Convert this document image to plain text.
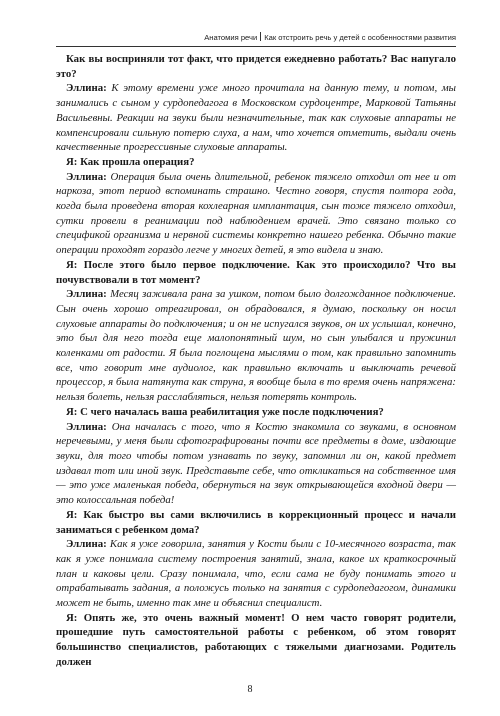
Анатомия речи Как отстроить речь у детей с особенностями развития

Как вы восприняли тот факт, что придется ежедневно работать? Вас напугало это?

Эллина: К этому времени уже много прочитала на данную тему, и потом, мы занимались с сыном у сурдопедагога в Московском сурдоцентре, Марковой Татьяны Васильевны. Реакции на звуки были незначительные, так как слуховые аппараты не компенсировали сильную потерю слуха, а нам, что хочется отметить, выдали очень качественные прогрессивные слуховые аппараты.

Я: Как прошла операция?

Эллина: Операция была очень длительной, ребенок тяжело отходил от нее и от наркоза, этот период вспоминать страшно. Честно говоря, спустя полтора года, когда была проведена вторая кохлеарная имплантация, сын тоже тяжело отходил, сутки провели в реанимации под наблюдением врачей. Это связано только со спецификой организма и нервной системы конкретно нашего ребенка. Обычно такие операции проходят гораздо легче у многих детей, я это видела и знаю.

Я: После этого было первое подключение. Как это происходило? Что вы почувствовали в тот момент?

Эллина: Месяц заживала рана за ушком, потом было долгожданное подключение. Сын очень хорошо отреагировал, он обрадовался, я думаю, поскольку он носил слуховые аппараты до подключения; и он не испугался звуков, он их услышал, конечно, это был для него тогда еще малопонятный шум, но сын улыбался и пружинил коленками от радости. Я была поглощена мыслями о том, как правильно запомнить все, что говорит мне аудиолог, как правильно включать и выключать речевой процессор, я была натянута как струна, я вообще была в то время очень напряжена: нельзя болеть, нельзя расслабляться, нельзя потерять контроль.

Я: С чего началась ваша реабилитация уже после подключения?

Эллина: Она началась с того, что я Костю знакомила со звуками, в основном неречевыми, у меня были сфотографированы почти все предметы в доме, издающие звуки, для того чтобы потом узнавать по звуку, запомнил ли он, какой предмет издавал тот или иной звук. Представьте себе, что откликаться на собственное имя — это уже маленькая победа, обернуться на звук открывающейся входной двери — это колоссальная победа!

Я: Как быстро вы сами включились в коррекционный процесс и начали заниматься с ребенком дома?

Эллина: Как я уже говорила, занятия у Кости были с 10-месячного возраста, так как я уже понимала систему построения занятий, знала, какое их краткосрочный план и каковы цели. Сразу понимала, что, если сама не буду понимать этого и отрабатывать задания, а положусь только на занятия с сурдопедагогом, динамики может не быть, именно так мне и объяснил специалист.

Я: Опять же, это очень важный момент! О нем часто говорят родители, прошедшие путь самостоятельной работы с ребенком, об этом говорят большинство специалистов, работающих с тяжелыми диагнозами. Родитель должен

8
